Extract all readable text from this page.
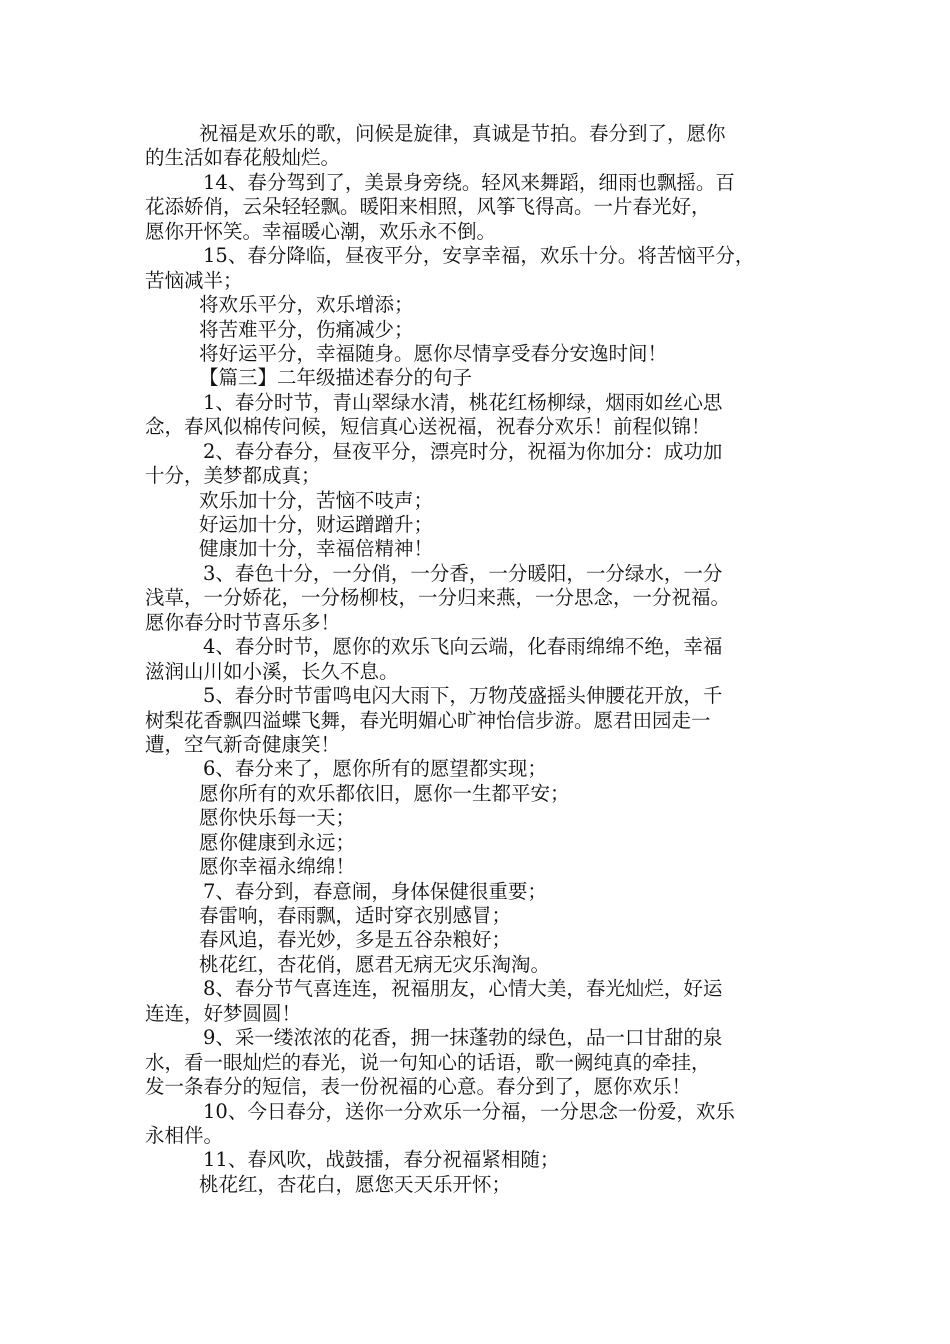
祝福是欢乐的歌，问候是旋律，真诚是节拍。春分到了，愿你
的生活如春花般灿烂。
14、春分驾到了，美景身旁绕。轻风来舞蹈，细雨也飘摇。百
花添娇俏，云朵轻轻飘。暖阳来相照，风筝飞得高。一片春光好，
愿你开怀笑。幸福暖心潮，欢乐永不倒。
15、春分降临，昼夜平分，安享幸福，欢乐十分。将苦恼平分，
苦恼减半；
将欢乐平分，欢乐增添；
将苦难平分，伤痛减少；
将好运平分，幸福随身。愿你尽情享受春分安逸时间！
【篇三】二年级描述春分的句子
1、春分时节，青山翠绿水清，桃花红杨柳绿，烟雨如丝心思
念，春风似棉传问候，短信真心送祝福，祝春分欢乐！前程似锦！
2、春分春分，昼夜平分，漂亮时分，祝福为你加分：成功加
十分，美梦都成真；
欢乐加十分，苦恼不吱声；
好运加十分，财运蹭蹭升；
健康加十分，幸福倍精神！
3、春色十分，一分俏，一分香，一分暖阳，一分绿水，一分
浅草，一分娇花，一分杨柳枝，一分归来燕，一分思念，一分祝福。
愿你春分时节喜乐多！
4、春分时节，愿你的欢乐飞向云端，化春雨绵绵不绝，幸福
滋润山川如小溪，长久不息。
5、春分时节雷鸣电闪大雨下，万物茂盛摇头伸腰花开放，千
树梨花香飘四溢蝶飞舞，春光明媚心旷神怡信步游。愿君田园走一
遭，空气新奇健康笑！
6、春分来了，愿你所有的愿望都实现；
愿你所有的欢乐都依旧，愿你一生都平安；
愿你快乐每一天；
愿你健康到永远；
愿你幸福永绵绵！
7、春分到，春意闹，身体保健很重要；
春雷响，春雨飘，适时穿衣别感冒；
春风追，春光妙，多是五谷杂粮好；
桃花红，杏花俏，愿君无病无灾乐淘淘。
8、春分节气喜连连，祝福朋友，心情大美，春光灿烂，好运
连连，好梦圆圆！
9、采一缕浓浓的花香，拥一抹蓬勃的绿色，品一口甘甜的泉
水，看一眼灿烂的春光，说一句知心的话语，歌一阙纯真的牵挂，
发一条春分的短信，表一份祝福的心意。春分到了，愿你欢乐！
10、今日春分，送你一分欢乐一分福，一分思念一份爱，欢乐
永相伴。
11、春风吹，战鼓擂，春分祝福紧相随；
桃花红，杏花白，愿您天天乐开怀；
